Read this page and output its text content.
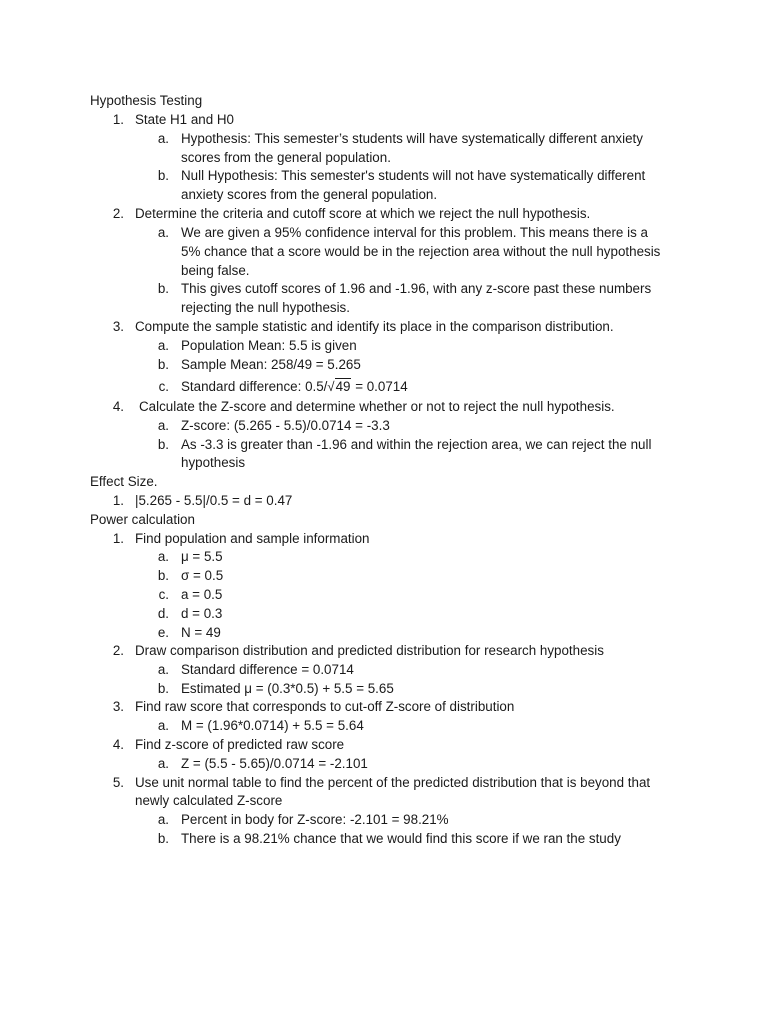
Hypothesis Testing
1. State H1 and H0
a. Hypothesis: This semester’s students will have systematically different anxiety
scores from the general population.
b. Null Hypothesis: This semester's students will not have systematically different
anxiety scores from the general population.
2. Determine the criteria and cutoff score at which we reject the null hypothesis.
a. We are given a 95% confidence interval for this problem. This means there is a
5% chance that a score would be in the rejection area without the null hypothesis
being false.
b. This gives cutoff scores of 1.96 and -1.96, with any z-score past these numbers
rejecting the null hypothesis.
3. Compute the sample statistic and identify its place in the comparison distribution.
a. Population Mean: 5.5 is given
b. Sample Mean: 258/49 = 5.265
c. Standard difference: 0.5/√49 = 0.0714
4. Calculate the Z-score and determine whether or not to reject the null hypothesis.
a. Z-score: (5.265 - 5.5)/0.0714 = -3.3
b. As -3.3 is greater than -1.96 and within the rejection area, we can reject the null
hypothesis
Effect Size.
1. |5.265 - 5.5|/0.5 = d = 0.47
Power calculation
1. Find population and sample information
a. μ = 5.5
b. σ = 0.5
c. a = 0.5
d. d = 0.3
e. N = 49
2. Draw comparison distribution and predicted distribution for research hypothesis
a. Standard difference = 0.0714
b. Estimated μ = (0.3*0.5) + 5.5 = 5.65
3. Find raw score that corresponds to cut-off Z-score of distribution
a. M = (1.96*0.0714) + 5.5 = 5.64
4. Find z-score of predicted raw score
a. Z = (5.5 - 5.65)/0.0714 = -2.101
5. Use unit normal table to find the percent of the predicted distribution that is beyond that
newly calculated Z-score
a. Percent in body for Z-score: -2.101 = 98.21%
b. There is a 98.21% chance that we would find this score if we ran the study
